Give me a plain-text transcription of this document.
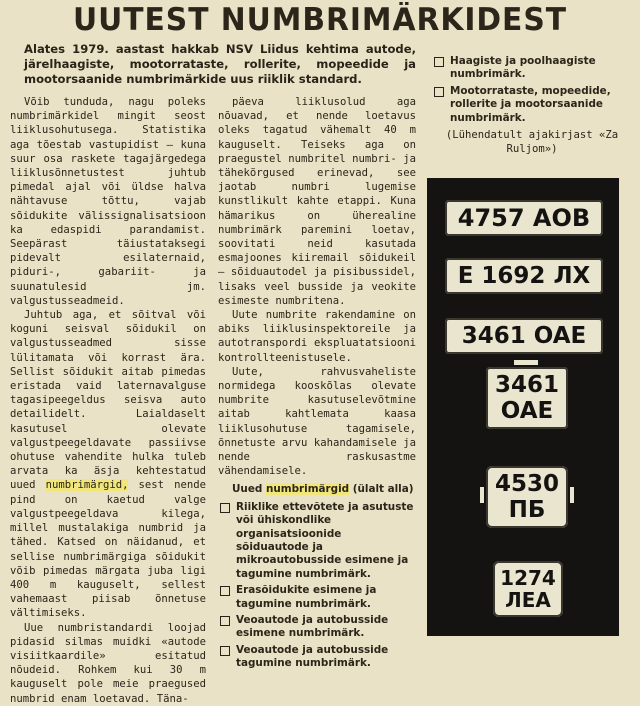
UUTEST NUMBRIMÄRKIDEST
Alates 1979. aastast hakkab NSV Liidus kehtima autode, järelhaagiste, mootorrataste, rollerite, mopeedide ja mootorsaanide numbrimärkide uus riiklik standard.

Võib tunduda, nagu poleks numbrimärkidel mingit seost liiklusohutusega. Statistika aga tõestab vastupidist — kuna suur osa raskete tagajärgedega liiklusõnnetustest juhtub pimedal ajal või üldse halva nähtavuse tõttu, vajab sõidukite välissignalisatsioon ka edaspidi parandamist. Seepärast täiustataksegi pidevalt esilaternaid, piduri-, gabariit- ja suunatulesid jm. valgustusseadmeid.

Juhtub aga, et sõitval või koguni seisval sõidukil on valgustusseadmed sisse lülitamata või korrast ära. Sellist sõidukit aitab pimedas eristada vaid laternavalguse tagasipeegeldus seisva auto detailidelt. Laialdaselt kasutusel olevate valgustpeegeldavate passiivse ohutuse vahendite hulka tuleb arvata ka äsja kehtestatud uued numbrimärgid, sest nende pind on kaetud valge valgustpeegeldava kilega, millel mustalakiga numbrid ja tähed. Katsed on näidanud, et sellise numbrimärgiga sõidukit võib pimedas märgata juba ligi 400 m kauguselt, sellest vahemaast piisab õnnetuse vältimiseks.

Uue numbristandardi loojad pidasid silmas muidki «autode visiitkaardile» esitatud nõudeid. Rohkem kui 30 m kauguselt pole meie praegused numbrid enam loetavad. Täna-

päeva liiklusolud aga nõuavad, et nende loetavus oleks tagatud vähemalt 40 m kauguselt. Teiseks aga on praegustel numbritel numbri- ja tähekõrgused erinevad, see jaotab numbri lugemise kunstlikult kahte etappi. Kuna hämarikus on üherealine numbrimärk paremini loetav, soovitati neid kasutada esmajoones kiiremail sõidukeil — sõiduautodel ja pisibussidel, lisaks veel busside ja veokite esimeste numbritena.

Uute numbrite rakendamine on abiks liiklusinspektoreile ja autotranspordi ekspluatatsiooni kontrollteenistusele.

Uute, rahvusvaheliste normidega kooskõlas olevate numbrite kasutuselevõtmine aitab kahtlemata kaasa liiklusohutuse tagamisele, õnnetuste arvu kahandamisele ja nende raskusastme vähendamisele.

Uued numbrimärgid (ülalt alla)

Riiklike ettevõtete ja asutuste või ühiskondlike organisatsioonide sõiduautode ja mikroautobusside esimene ja tagumine numbrimärk.
Erasõidukite esimene ja tagumine numbrimärk.
Veoautode ja autobusside esimene numbrimärk.
Veoautode ja autobusside tagumine numbrimärk.
Haagiste ja poolhaagiste numbrimärk.
Mootorrataste, mopeedide, rollerite ja mootorsaanide numbrimärk.
(Lühendatult ajakirjast «Za Ruljom»)
4757 AOB
E 1692 ЛХ
3461 OAE
3461
OAE
4530
ПБ
1274
ЛЕА
